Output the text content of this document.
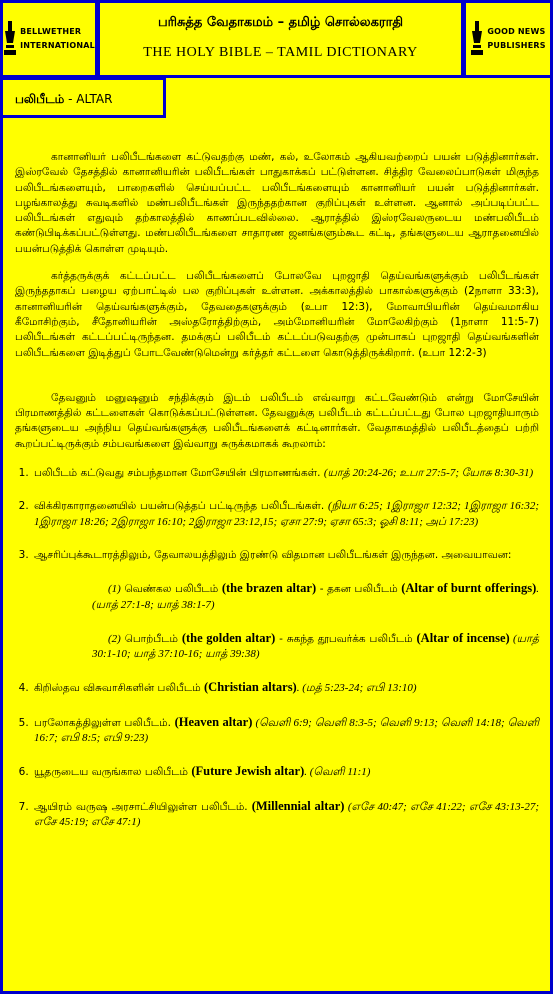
BELLWETHER
INTERNATIONAL
பரிசுத்த வேதாகமம் – தமிழ் சொல்லகராதி
THE HOLY BIBLE – TAMIL DICTIONARY
GOOD NEWS
PUBLISHERS
பலிபீடம் - ALTAR

கானானியர் பலிபீடங்களை கட்டுவதற்கு மண், கல், உலோகம் ஆகியவற்றைப் பயன் படுத்தினார்கள். இஸ்ரவேல் தேசத்தில் கானானியரின் பலிபீடங்கள் பாதுகாக்கப் பட்டுள்ளன. சித்திர வேலைப்பாடுகள் மிகுந்த பலிபீடங்களையும், பாறைகளில் செய்யப்பட்ட பலிபீடங்களையும் கானானியர் பயன் படுத்தினார்கள். பழங்காலத்து சுவடிகளில் மண்பலிபீடங்கள் இருந்ததற்கான குறிப்புகள் உள்ளன. ஆனால் அப்படிப்பட்ட பலிபீடங்கள் எதுவும் தற்காலத்தில் காணப்படவில்லை. ஆராத்தில் இஸ்ரவேலருடைய மண்பலிபீடம் கண்டுபிடிக்கப்பட்டுள்ளது. மண்பலிபீடங்களை சாதாரண ஜனங்களும்கூட கட்டி, தங்களுடைய ஆராதனையில் பயன்படுத்திக் கொள்ள முடியும்.

கர்த்தருக்குக் கட்டப்பட்ட பலிபீடங்களைப் போலவே புறஜாதி தெய்வங்களுக்கும் பலிபீடங்கள் இருந்ததாகப் பழைய ஏற்பாட்டில் பல குறிப்புகள் உள்ளன. அக்காலத்தில் பாகால்களுக்கும் (2நாளா 33:3), கானானியரின் தெய்வங்களுக்கும், தேவதைகளுக்கும் (உபா 12:3), மோவாபியரின் தெய்வமாகிய கீமோசிற்கும், சீதோனியரின் அஸ்தரோத்திற்கும், அம்மோனியரின் மோலேகிற்கும் (1நாளா 11:5-7) பலிபீடங்கள் கட்டப்பட்டிருந்தன. தமக்குப் பலிபீடம் கட்டப்படுவதற்கு முன்பாகப் புறஜாதி தெய்வங்களின் பலிபீடங்களை இடித்துப் போடவேண்டுமென்று கர்த்தர் கட்டளை கொடுத்திருக்கிறார். (உபா 12:2-3)

தேவனும் மனுஷனும் சந்திக்கும் இடம் பலிபீடம் எவ்வாறு கட்டவேண்டும் என்று மோசேயின் பிரமாணத்தில் கட்டளைகள் கொடுக்கப்பட்டுள்ளன. தேவனுக்கு பலிபீடம் கட்டப்பட்டது போல புறஜாதியாரும் தங்களுடைய அந்நிய தெய்வங்களுக்கு பலிபீடங்களைக் கட்டினார்கள். வேதாகமத்தில் பலிபீடத்தைப் பற்றி கூறப்பட்டிருக்கும் சம்பவங்களை இவ்வாறு சுருக்கமாகக் கூறலாம்:

1. பலிபீடம் கட்டுவது சம்பந்தமான மோசேயின் பிரமாணங்கள். (யாத் 20:24-26; உபா 27:5-7; யோசு 8:30-31)
2. விக்கிரகாராதனையில் பயன்படுத்தப் பட்டிருந்த பலிபீடங்கள். (நியா 6:25; 1இராஜா 12:32; 1இராஜா 16:32; 1இராஜா 18:26; 2இராஜா 16:10; 2இராஜா 23:12,15; ஏசா 27:9; ஏசா 65:3; ஓசி 8:11; அப் 17:23)
3. ஆசரிப்புக்கூடாரத்திலும், தேவாலயத்திலும் இரண்டு விதமான பலிபீடங்கள் இருந்தன. அவையாவன:
(1) வெண்கல பலிபீடம் (the brazen altar) - தகன பலிபீடம் (Altar of burnt offerings). (யாத் 27:1-8; யாத் 38:1-7)
(2) பொற்பீடம் (the golden altar) - சுகந்த தூபவர்க்க பலிபீடம் (Altar of incense) (யாத் 30:1-10; யாத் 37:10-16; யாத் 39:38)
4. கிறிஸ்தவ விசுவாசிகளின் பலிபீடம் (Christian altars). (மத் 5:23-24; எபி 13:10)
5. பரலோகத்திலுள்ள பலிபீடம். (Heaven altar) (வெளி 6:9; வெளி 8:3-5; வெளி 9:13; வெளி 14:18; வெளி 16:7; எபி 8:5; எபி 9:23)
6. யூதருடைய வருங்கால பலிபீடம் (Future Jewish altar). (வெளி 11:1)
7. ஆயிரம் வருஷ அரசாட்சியிலுள்ள பலிபீடம். (Millennial altar) (எசே 40:47; எசே 41:22; எசே 43:13-27; எசே 45:19; எசே 47:1)
